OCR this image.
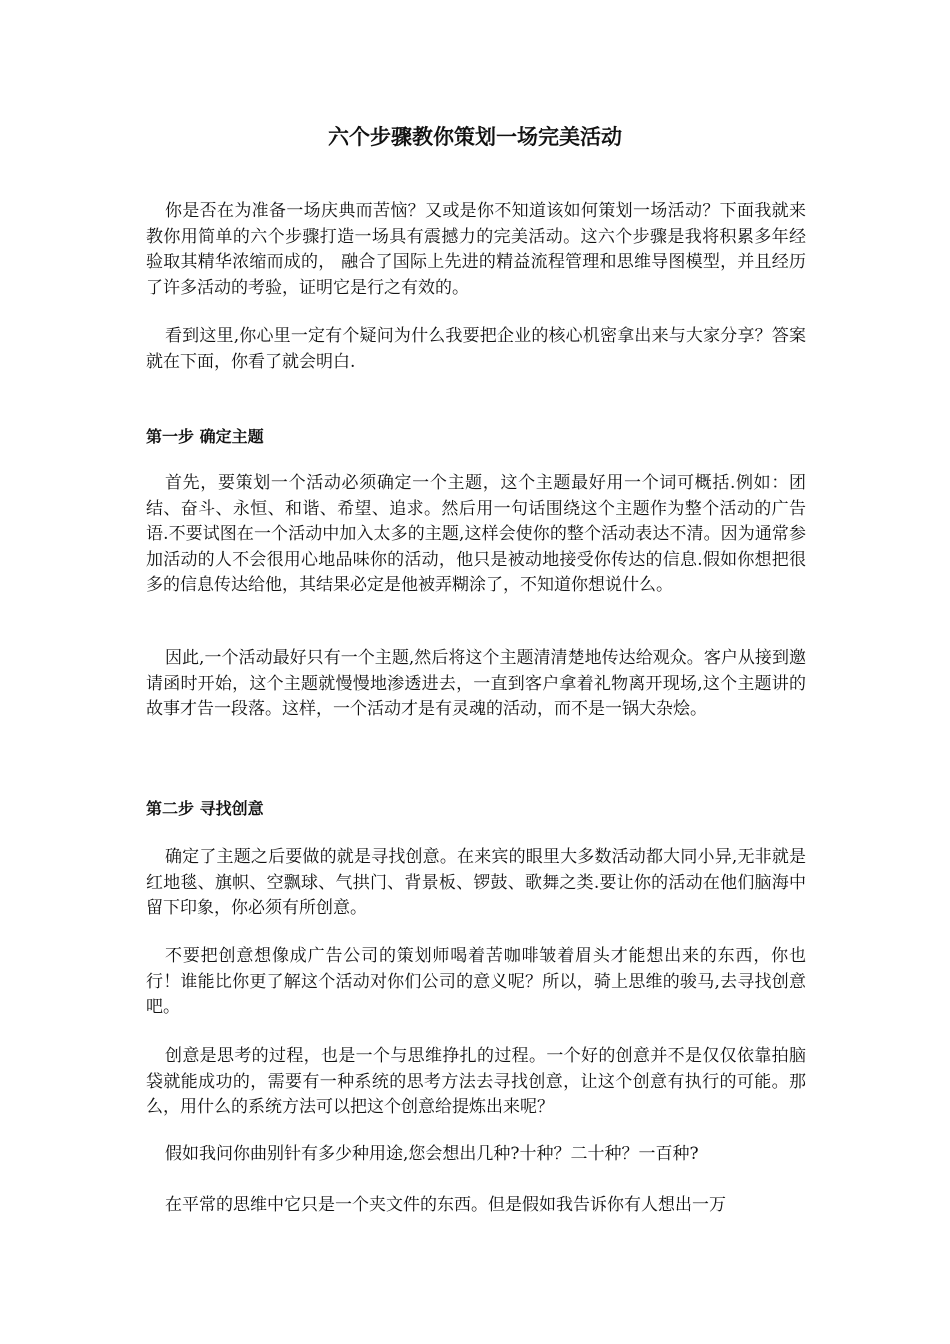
六个步骤教你策划一场完美活动

你是否在为准备一场庆典而苦恼？又或是你不知道该如何策划一场活动？下面我就来教你用简单的六个步骤打造一场具有震撼力的完美活动。这六个步骤是我将积累多年经验取其精华浓缩而成的， 融合了国际上先进的精益流程管理和思维导图模型，并且经历了许多活动的考验，证明它是行之有效的。

看到这里,你心里一定有个疑问为什么我要把企业的核心机密拿出来与大家分享？答案就在下面，你看了就会明白.

第一步 确定主题

首先，要策划一个活动必须确定一个主题，这个主题最好用一个词可概括.例如：团结、奋斗、永恒、和谐、希望、追求。然后用一句话围绕这个主题作为整个活动的广告语.不要试图在一个活动中加入太多的主题,这样会使你的整个活动表达不清。因为通常参加活动的人不会很用心地品味你的活动，他只是被动地接受你传达的信息.假如你想把很多的信息传达给他，其结果必定是他被弄糊涂了，不知道你想说什么。

因此,一个活动最好只有一个主题,然后将这个主题清清楚地传达给观众。客户从接到邀请函时开始，这个主题就慢慢地渗透进去，一直到客户拿着礼物离开现场,这个主题讲的故事才告一段落。这样，一个活动才是有灵魂的活动，而不是一锅大杂烩。

第二步 寻找创意

确定了主题之后要做的就是寻找创意。在来宾的眼里大多数活动都大同小异,无非就是红地毯、旗帜、空飘球、气拱门、背景板、锣鼓、歌舞之类.要让你的活动在他们脑海中留下印象，你必须有所创意。

不要把创意想像成广告公司的策划师喝着苦咖啡皱着眉头才能想出来的东西，你也行！谁能比你更了解这个活动对你们公司的意义呢？所以，骑上思维的骏马,去寻找创意吧。

创意是思考的过程，也是一个与思维挣扎的过程。一个好的创意并不是仅仅依靠拍脑袋就能成功的，需要有一种系统的思考方法去寻找创意，让这个创意有执行的可能。那么，用什么的系统方法可以把这个创意给提炼出来呢？

假如我问你曲别针有多少种用途,您会想出几种?十种？二十种？一百种?

在平常的思维中它只是一个夹文件的东西。但是假如我告诉你有人想出一万
